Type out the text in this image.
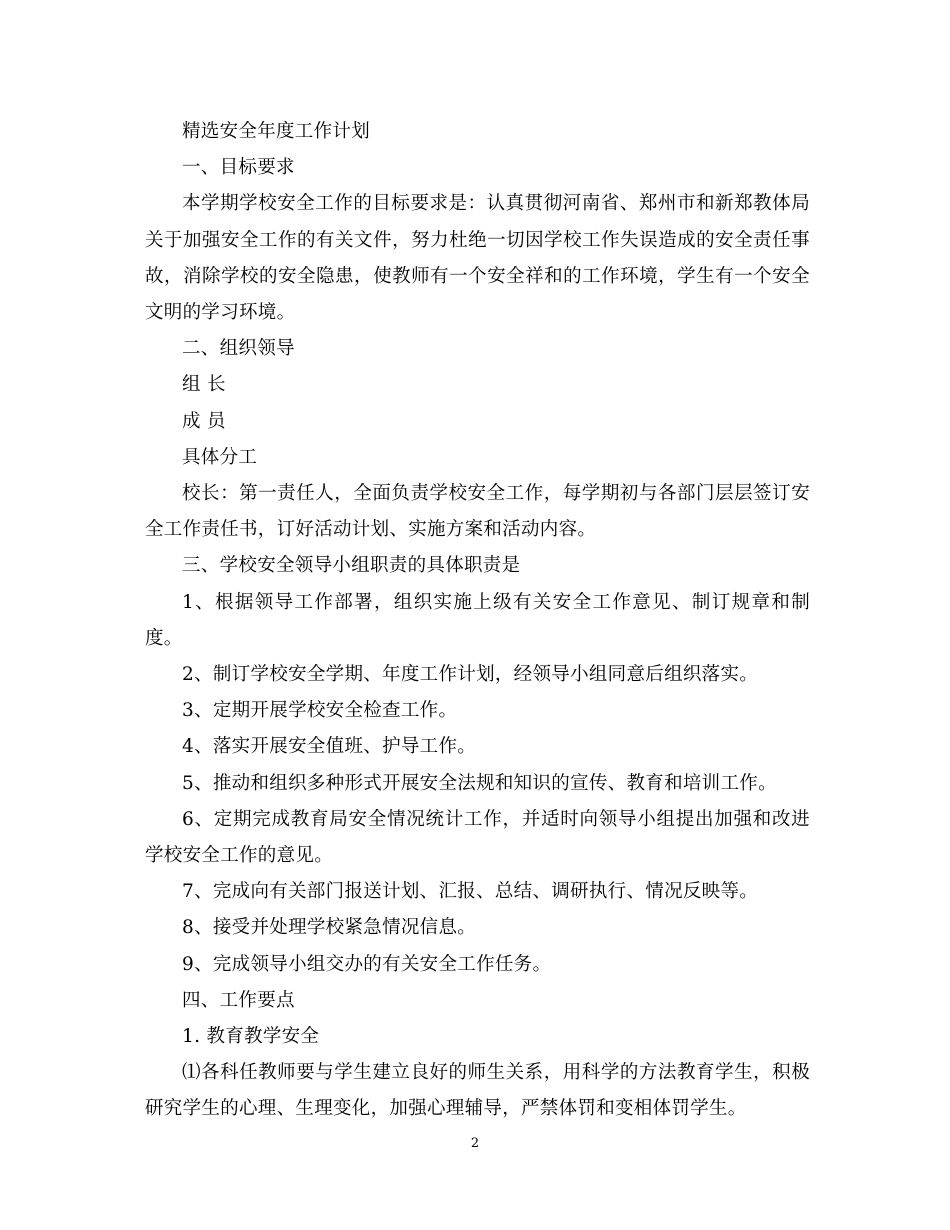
精选安全年度工作计划

一、目标要求

本学期学校安全工作的目标要求是：认真贯彻河南省、郑州市和新郑教体局关于加强安全工作的有关文件，努力杜绝一切因学校工作失误造成的安全责任事故，消除学校的安全隐患，使教师有一个安全祥和的工作环境，学生有一个安全文明的学习环境。

二、组织领导

组 长

成 员

具体分工

校长：第一责任人，全面负责学校安全工作，每学期初与各部门层层签订安全工作责任书，订好活动计划、实施方案和活动内容。

三、学校安全领导小组职责的具体职责是

1、根据领导工作部署，组织实施上级有关安全工作意见、制订规章和制度。

2、制订学校安全学期、年度工作计划，经领导小组同意后组织落实。

3、定期开展学校安全检查工作。

4、落实开展安全值班、护导工作。

5、推动和组织多种形式开展安全法规和知识的宣传、教育和培训工作。

6、定期完成教育局安全情况统计工作，并适时向领导小组提出加强和改进学校安全工作的意见。

7、完成向有关部门报送计划、汇报、总结、调研执行、情况反映等。

8、接受并处理学校紧急情况信息。

9、完成领导小组交办的有关安全工作任务。

四、工作要点

1. 教育教学安全

⑴各科任教师要与学生建立良好的师生关系，用科学的方法教育学生，积极研究学生的心理、生理变化，加强心理辅导，严禁体罚和变相体罚学生。

2
